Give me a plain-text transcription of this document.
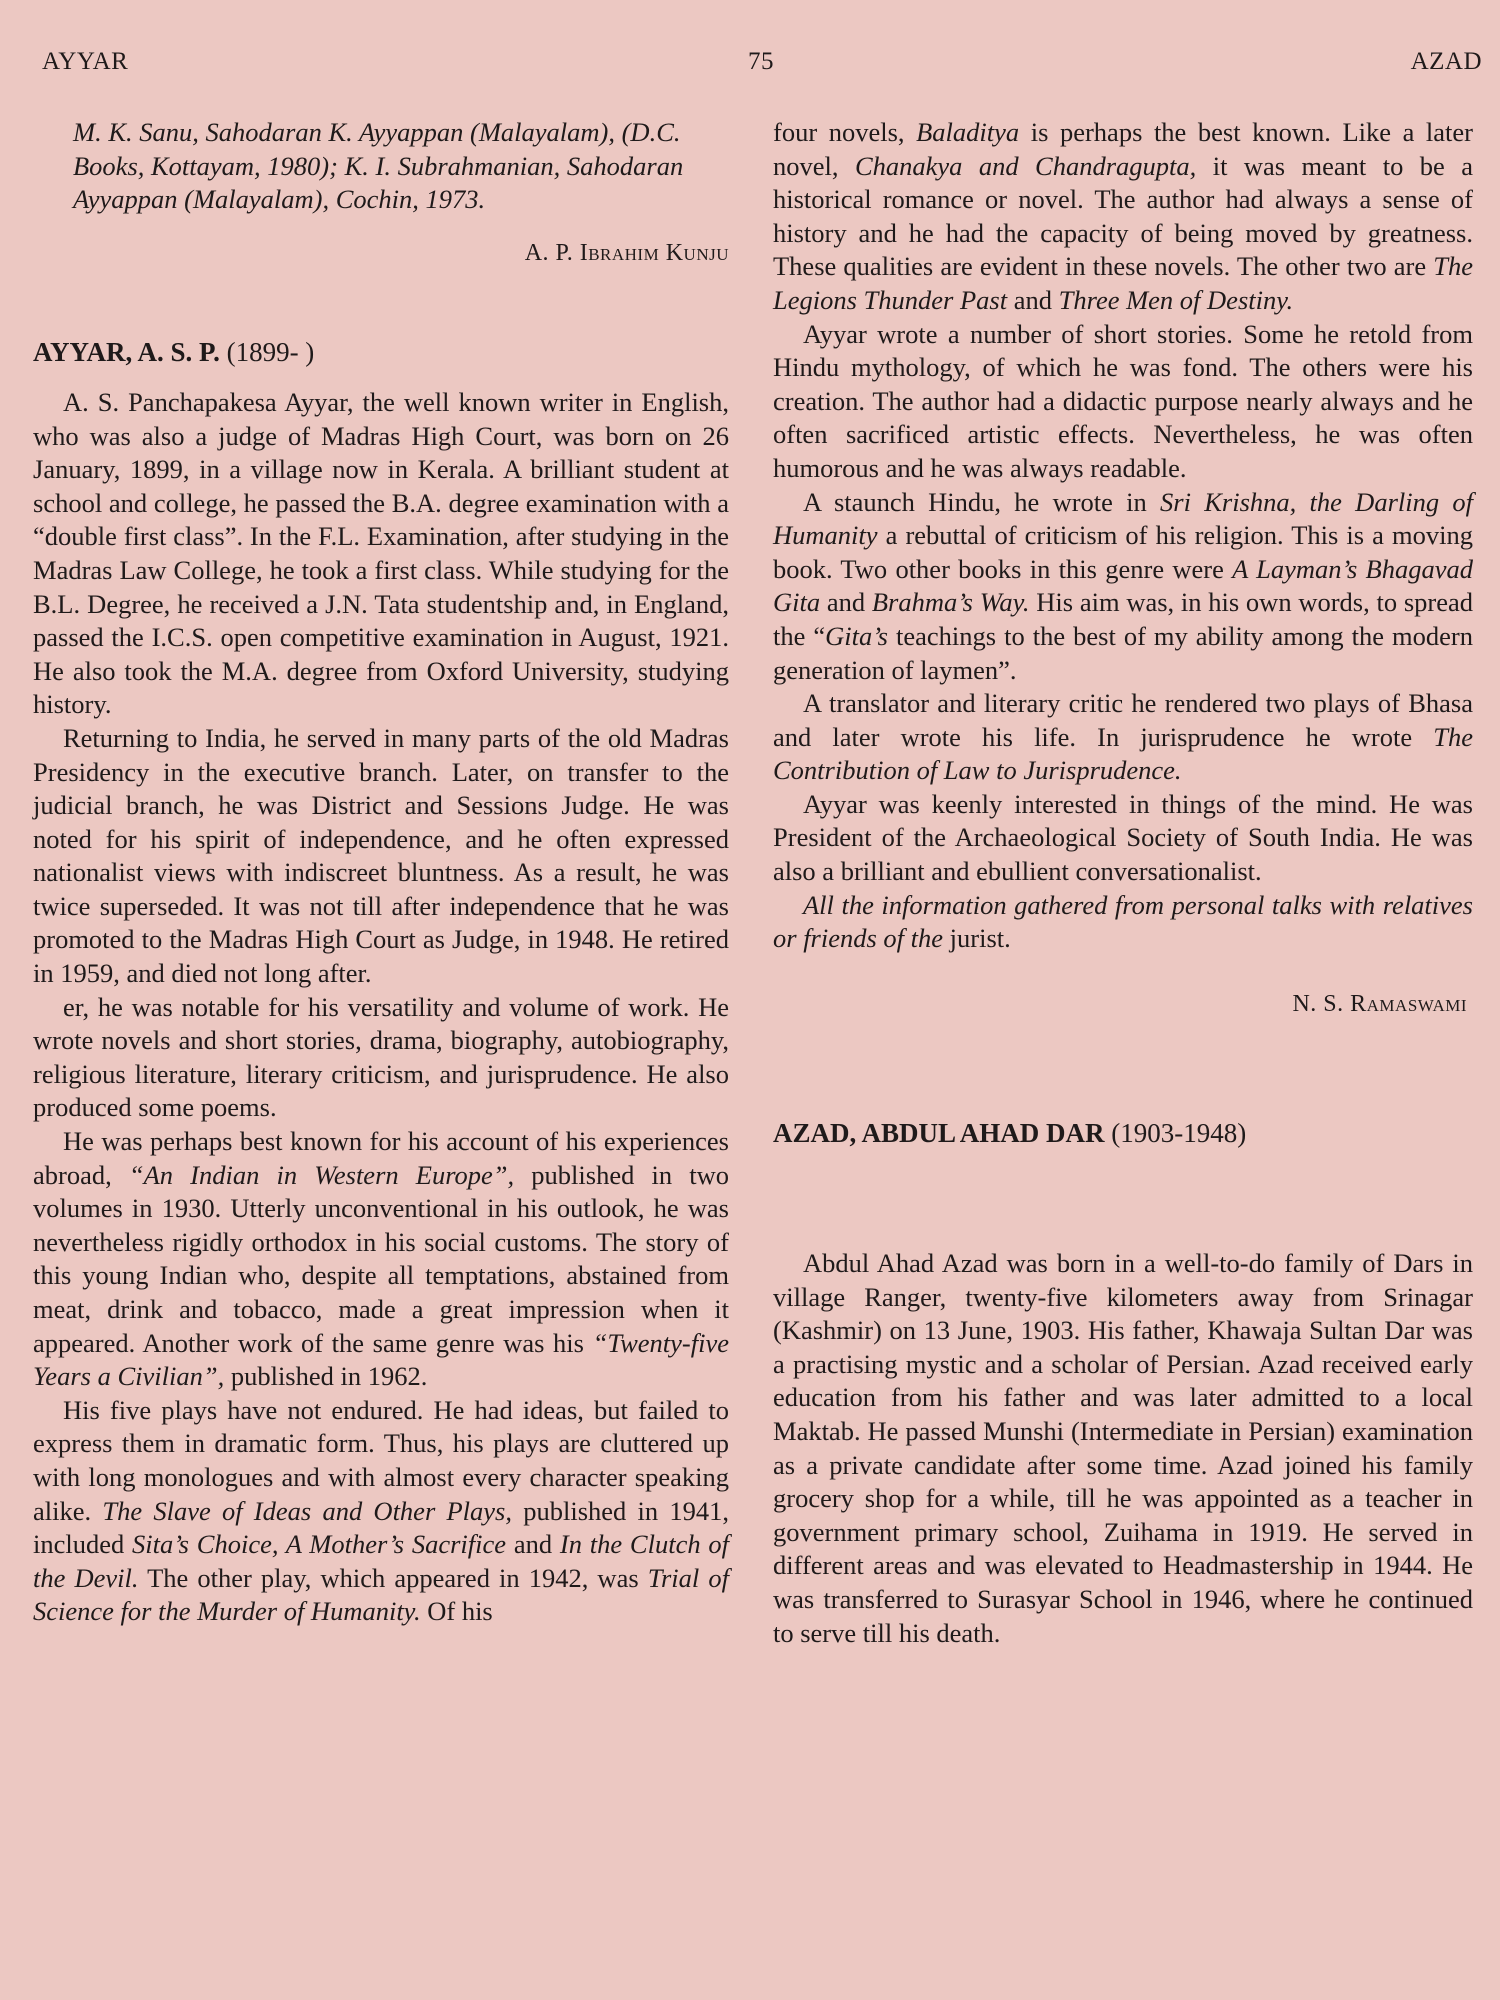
AYYAR	75	AZAD

M. K. Sanu, Sahodaran K. Ayyappan (Malayalam), (D.C. Books, Kottayam, 1980); K. I. Subrahmanian, Sahodaran Ayyappan (Malayalam), Cochin, 1973.

A. P. Ibrahim Kunju
AYYAR, A. S. P. (1899- )

A. S. Panchapakesa Ayyar, the well known writer in English, who was also a judge of Madras High Court, was born on 26 January, 1899, in a village now in Kerala. A brilliant student at school and college, he passed the B.A. degree examination with a “double first class”. In the F.L. Examination, after studying in the Madras Law College, he took a first class. While studying for the B.L. Degree, he received a J.N. Tata studentship and, in England, passed the I.C.S. open competitive examination in August, 1921. He also took the M.A. degree from Oxford University, studying history.

Returning to India, he served in many parts of the old Madras Presidency in the executive branch. Later, on transfer to the judicial branch, he was District and Sessions Judge. He was noted for his spirit of independence, and he often expressed nationalist views with indiscreet bluntness. As a result, he was twice superseded. It was not till after independence that he was promoted to the Madras High Court as Judge, in 1948. He retired in 1959, and died not long after.

er, he was notable for his versatility and volume of work. He wrote novels and short stories, drama, biography, autobiography, religious literature, literary criticism, and jurisprudence. He also produced some poems.

He was perhaps best known for his account of his experiences abroad, “An Indian in Western Europe”, published in two volumes in 1930. Utterly unconventional in his outlook, he was nevertheless rigidly orthodox in his social customs. The story of this young Indian who, despite all temptations, abstained from meat, drink and tobacco, made a great impression when it appeared. Another work of the same genre was his “Twenty-five Years a Civilian”, published in 1962.

His five plays have not endured. He had ideas, but failed to express them in dramatic form. Thus, his plays are cluttered up with long monologues and with almost every character speaking alike. The Slave of Ideas and Other Plays, published in 1941, included Sita’s Choice, A Mother’s Sacrifice and In the Clutch of the Devil. The other play, which appeared in 1942, was Trial of Science for the Murder of Humanity. Of his

four novels, Baladitya is perhaps the best known. Like a later novel, Chanakya and Chandragupta, it was meant to be a historical romance or novel. The author had always a sense of history and he had the capacity of being moved by greatness. These qualities are evident in these novels. The other two are The Legions Thunder Past and Three Men of Destiny.

Ayyar wrote a number of short stories. Some he retold from Hindu mythology, of which he was fond. The others were his creation. The author had a didactic purpose nearly always and he often sacrificed artistic effects. Nevertheless, he was often humorous and he was always readable.

A staunch Hindu, he wrote in Sri Krishna, the Darling of Humanity a rebuttal of criticism of his religion. This is a moving book. Two other books in this genre were A Layman’s Bhagavad Gita and Brahma’s Way. His aim was, in his own words, to spread the “Gita’s teachings to the best of my ability among the modern generation of laymen”.

A translator and literary critic he rendered two plays of Bhasa and later wrote his life. In jurisprudence he wrote The Contribution of Law to Jurisprudence.

Ayyar was keenly interested in things of the mind. He was President of the Archaeological Society of South India. He was also a brilliant and ebullient conversationalist.

All the information gathered from personal talks with relatives or friends of the jurist.

N. S. Ramaswami
AZAD, ABDUL AHAD DAR (1903-1948)

Abdul Ahad Azad was born in a well-to-do family of Dars in village Ranger, twenty-five kilometers away from Srinagar (Kashmir) on 13 June, 1903. His father, Khawaja Sultan Dar was a practising mystic and a scholar of Persian. Azad received early education from his father and was later admitted to a local Maktab. He passed Munshi (Intermediate in Persian) examination as a private candidate after some time. Azad joined his family grocery shop for a while, till he was appointed as a teacher in government primary school, Zuihama in 1919. He served in different areas and was elevated to Headmastership in 1944. He was transferred to Surasyar School in 1946, where he continued to serve till his death.
